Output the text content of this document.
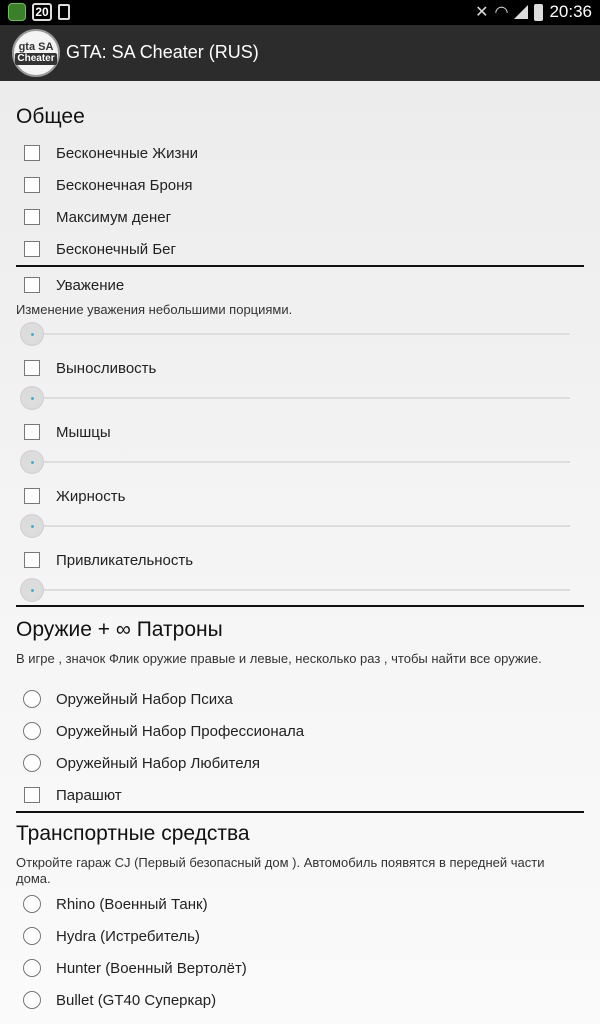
20	✕ ◠ 20:36
gta SA
Cheater GTA: SA Cheater (RUS)
Общее
Бесконечные Жизни
Бесконечная Броня
Максимум денег
Бесконечный Бег
Уважение
Изменение уважения небольшими порциями.
Выносливость
Мышцы
Жирность
Привликательность
Оружие + ∞ Патроны
В игре , значок Флик оружие правые и левые, несколько раз , чтобы найти все оружие.
Оружейный Набор Психа
Оружейный Набор Профессионала
Оружейный Набор Любителя
Парашют
Транспортные средства
Откройте гараж CJ (Первый безопасный дом ). Автомобиль появятся в передней части дома.
Rhino (Военный Танк)
Hydra (Истребитель)
Hunter (Военный Вертолёт)
Bullet (GT40 Суперкар)
